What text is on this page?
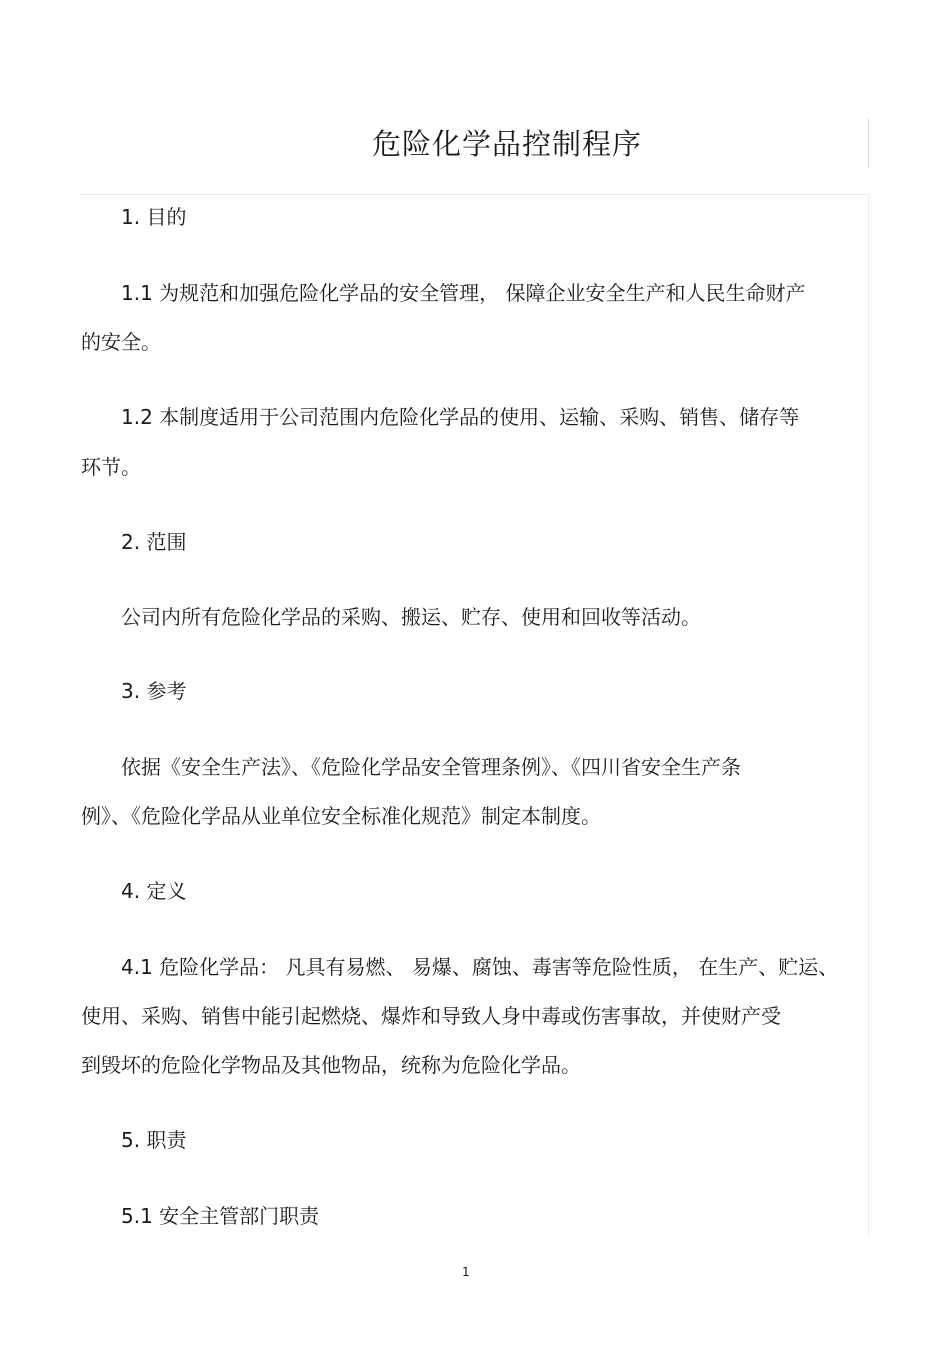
危险化学品控制程序
1. 目的
1.1 为规范和加强危险化学品的安全管理， 保障企业安全生产和人民生命财产
的安全。
1.2 本制度适用于公司范围内危险化学品的使用、运输、采购、销售、储存等
环节。
2. 范围
公司内所有危险化学品的采购、搬运、贮存、使用和回收等活动。
3. 参考
依据《安全生产法》、《危险化学品安全管理条例》、《四川省安全生产条
例》、《危险化学品从业单位安全标准化规范》制定本制度。
4. 定义
4.1 危险化学品： 凡具有易燃、 易爆、腐蚀、毒害等危险性质， 在生产、贮运、
使用、采购、销售中能引起燃烧、爆炸和导致人身中毒或伤害事故，并使财产受
到毁坏的危险化学物品及其他物品，统称为危险化学品。
5. 职责
5.1 安全主管部门职责
1
